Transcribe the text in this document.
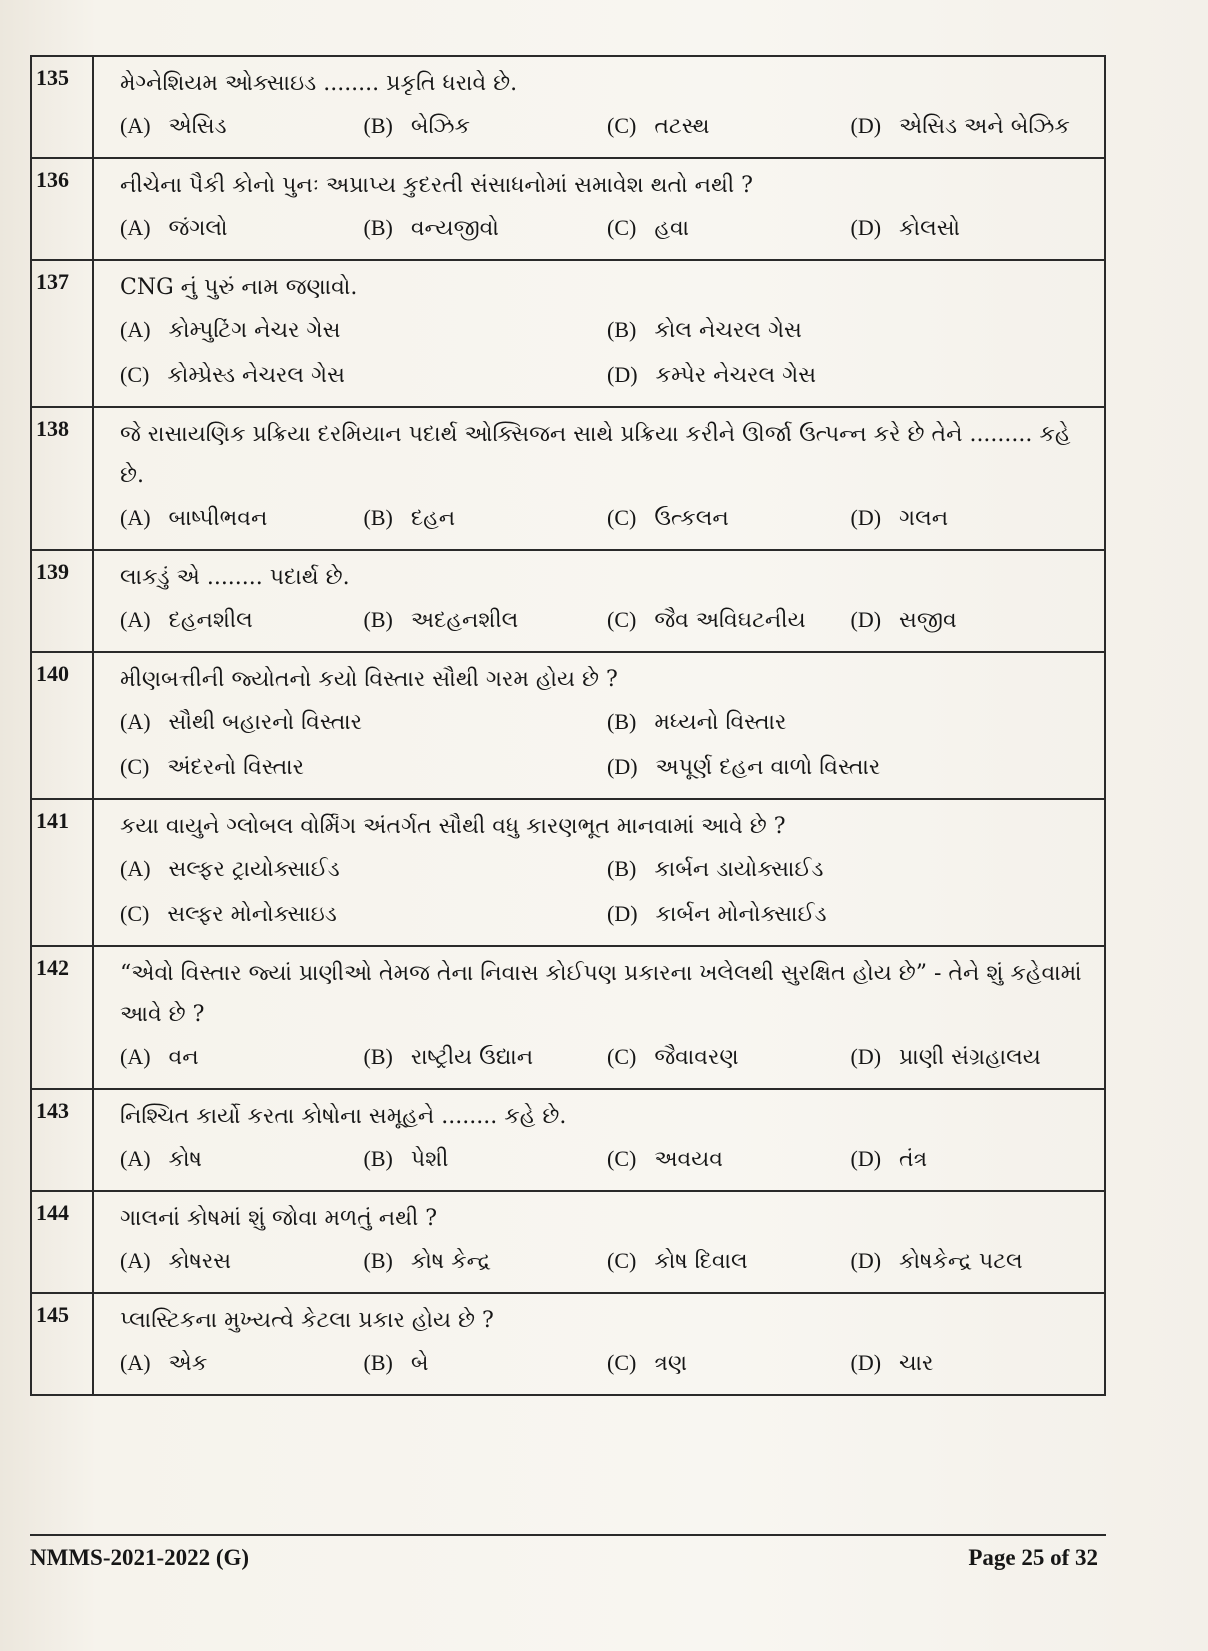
135	મેગ્નેશિયમ ઓક્સાઇડ ........ પ્રકૃતિ ધરાવે છે.
(A) એસિડ (B) બેઝિક (C) તટસ્થ (D) એસિડ અને બેઝિક

136	નીચેના પૈકી કોનો પુનઃ અપ્રાપ્ય કુદરતી સંસાધનોમાં સમાવેશ થતો નથી ?
(A) જંગલો (B) વન્યજીવો (C) હવા (D) કોલસો

137	CNG નું પુરું નામ જણાવો.
(A) કોમ્પુટિંગ નેચર ગેસ (B) કોલ નેચરલ ગેસ
(C) કોમ્પ્રેસ્ડ નેચરલ ગેસ (D) કમ્પેર નેચરલ ગેસ

138	જે રાસાયણિક પ્રક્રિયા દરમિયાન પદાર્થ ઓક્સિજન સાથે પ્રક્રિયા કરીને ઊર્જા ઉત્પન્ન કરે છે તેને ......... કહે છે.
(A) બાષ્પીભવન (B) દહન (C) ઉત્કલન (D) ગલન

139	લાકડું એ ........ પદાર્થ છે.
(A) દહનશીલ (B) અદહનશીલ (C) જૈવ અવિઘટનીય (D) સજીવ

140	મીણબત્તીની જ્યોતનો કયો વિસ્તાર સૌથી ગરમ હોય છે ?
(A) સૌથી બહારનો વિસ્તાર (B) મધ્યનો વિસ્તાર
(C) અંદરનો વિસ્તાર (D) અપૂર્ણ દહન વાળો વિસ્તાર

141	કયા વાયુને ગ્લોબલ વોર્મિંગ અંતર્ગત સૌથી વધુ કારણભૂત માનવામાં આવે છે ?
(A) સલ્ફર ટ્રાયોક્સાઈડ (B) કાર્બન ડાયોક્સાઈડ
(C) સલ્ફર મોનોક્સાઇડ (D) કાર્બન મોનોક્સાઈડ

142	“એવો વિસ્તાર જ્યાં પ્રાણીઓ તેમજ તેના નિવાસ કોઈપણ પ્રકારના ખલેલથી સુરક્ષિત હોય છે” - તેને શું કહેવામાં આવે છે ?
(A) વન (B) રાષ્ટ્રીય ઉદ્યાન (C) જૈવાવરણ (D) પ્રાણી સંગ્રહાલય

143	નિશ્ચિત કાર્યો કરતા કોષોના સમૂહને ........ કહે છે.
(A) કોષ (B) પેશી (C) અવયવ (D) તંત્ર

144	ગાલનાં કોષમાં શું જોવા મળતું નથી ?
(A) કોષરસ (B) કોષ કેન્દ્ર (C) કોષ દિવાલ (D) કોષકેન્દ્ર પટલ

145	પ્લાસ્ટિકના મુખ્યત્વે કેટલા પ્રકાર હોય છે ?
(A) એક (B) બે (C) ત્રણ (D) ચાર
NMMS-2021-2022 (G)	Page 25 of 32
